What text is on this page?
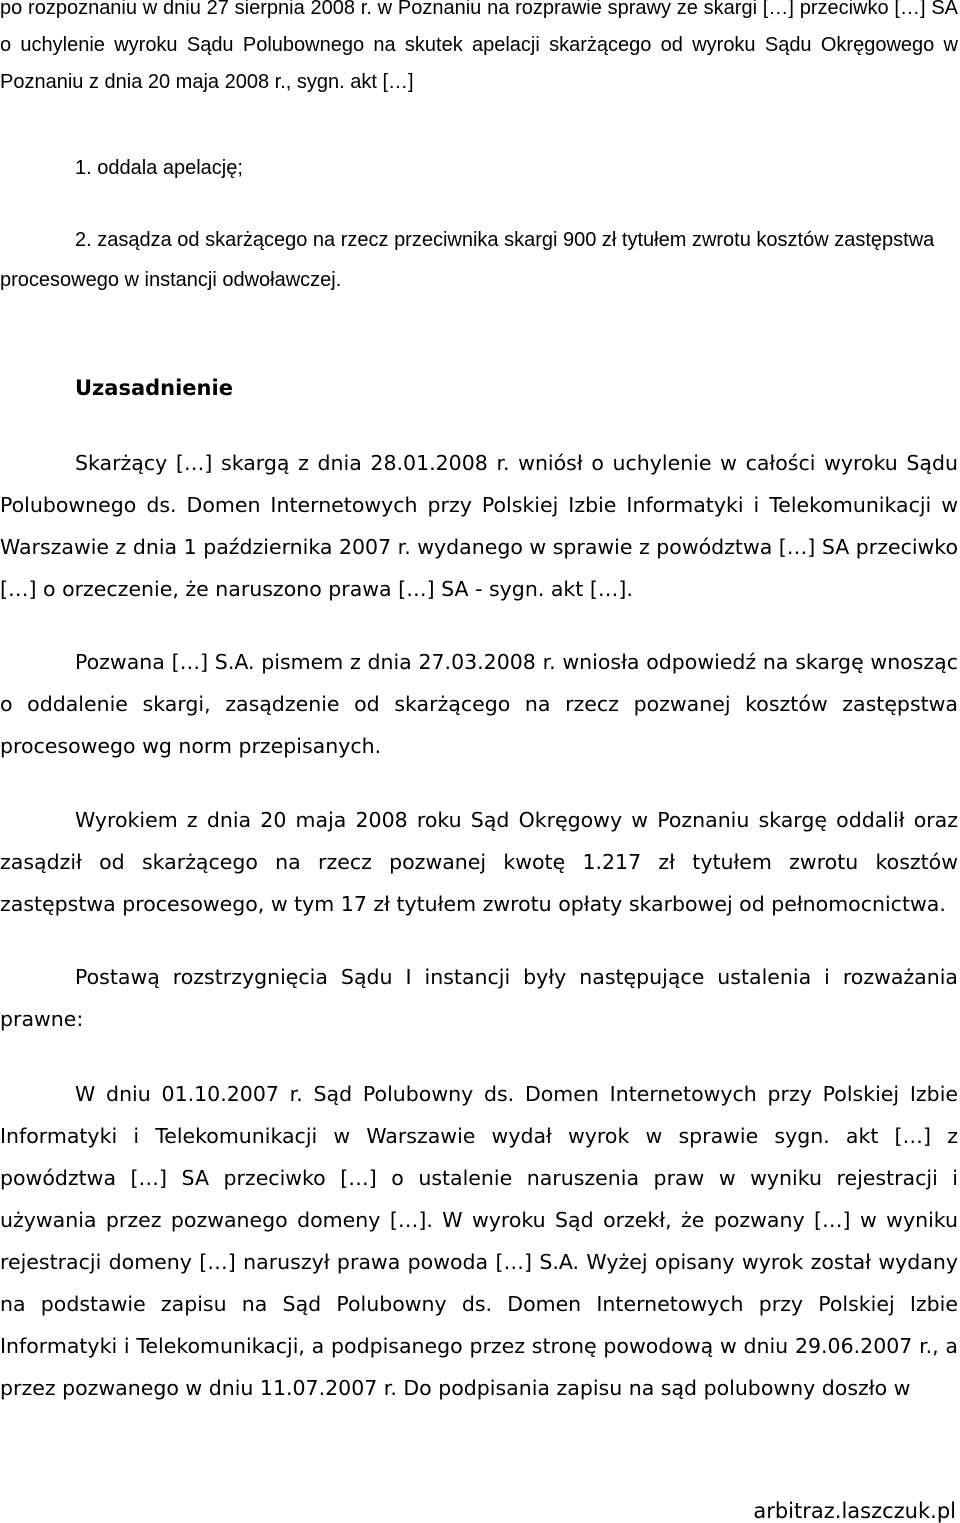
po rozpoznaniu w dniu 27 sierpnia 2008 r. w Poznaniu na rozprawie sprawy ze skargi […] przeciwko […] SA o uchylenie wyroku Sądu Polubownego na skutek apelacji skarżącego od wyroku Sądu Okręgowego w Poznaniu z dnia 20 maja 2008 r., sygn. akt […]
1. oddala apelację;
2. zasądza od skarżącego na rzecz przeciwnika skargi 900 zł tytułem zwrotu kosztów zastępstwa procesowego w instancji odwoławczej.
Uzasadnienie
Skarżący […] skargą z dnia 28.01.2008 r. wniósł o uchylenie w całości wyroku Sądu Polubownego ds. Domen Internetowych przy Polskiej Izbie Informatyki i Telekomunikacji w Warszawie z dnia 1 października 2007 r. wydanego w sprawie z powództwa […] SA przeciwko […] o orzeczenie, że naruszono prawa […] SA - sygn. akt […].
Pozwana […] S.A. pismem z dnia 27.03.2008 r. wniosła odpowiedź na skargę wnosząc o oddalenie skargi, zasądzenie od skarżącego na rzecz pozwanej kosztów zastępstwa procesowego wg norm przepisanych.
Wyrokiem z dnia 20 maja 2008 roku Sąd Okręgowy w Poznaniu skargę oddalił oraz zasądził od skarżącego na rzecz pozwanej kwotę 1.217 zł tytułem zwrotu kosztów zastępstwa procesowego, w tym 17 zł tytułem zwrotu opłaty skarbowej od pełnomocnictwa.
Postawą rozstrzygnięcia Sądu I instancji były następujące ustalenia i rozważania prawne:
W dniu 01.10.2007 r. Sąd Polubowny ds. Domen Internetowych przy Polskiej Izbie Informatyki i Telekomunikacji w Warszawie wydał wyrok w sprawie sygn. akt […] z powództwa […] SA przeciwko […] o ustalenie naruszenia praw w wyniku rejestracji i używania przez pozwanego domeny […]. W wyroku Sąd orzekł, że pozwany […] w wyniku rejestracji domeny […] naruszył prawa powoda […] S.A. Wyżej opisany wyrok został wydany na podstawie zapisu na Sąd Polubowny ds. Domen Internetowych przy Polskiej Izbie Informatyki i Telekomunikacji, a podpisanego przez stronę powodową w dniu 29.06.2007 r., a przez pozwanego w dniu 11.07.2007 r. Do podpisania zapisu na sąd polubowny doszło w
arbitraz.laszczuk.pl
